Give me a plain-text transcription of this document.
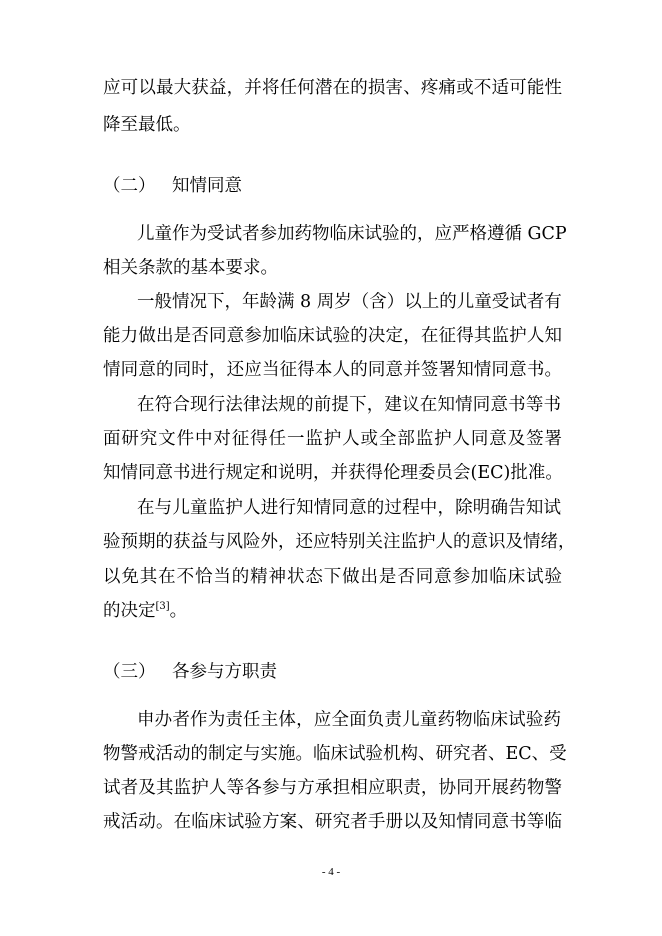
应可以最大获益，并将任何潜在的损害、疼痛或不适可能性
降至最低。
（二） 知情同意
儿童作为受试者参加药物临床试验的，应严格遵循 GCP
相关条款的基本要求。
一般情况下，年龄满 8 周岁（含）以上的儿童受试者有
能力做出是否同意参加临床试验的决定，在征得其监护人知
情同意的同时，还应当征得本人的同意并签署知情同意书。
在符合现行法律法规的前提下，建议在知情同意书等书
面研究文件中对征得任一监护人或全部监护人同意及签署
知情同意书进行规定和说明，并获得伦理委员会(EC)批准。
在与儿童监护人进行知情同意的过程中，除明确告知试
验预期的获益与风险外，还应特别关注监护人的意识及情绪，
以免其在不恰当的精神状态下做出是否同意参加临床试验
的决定[3]。
（三） 各参与方职责
申办者作为责任主体，应全面负责儿童药物临床试验药
物警戒活动的制定与实施。临床试验机构、研究者、EC、受
试者及其监护人等各参与方承担相应职责，协同开展药物警
戒活动。在临床试验方案、研究者手册以及知情同意书等临
- 4 -
